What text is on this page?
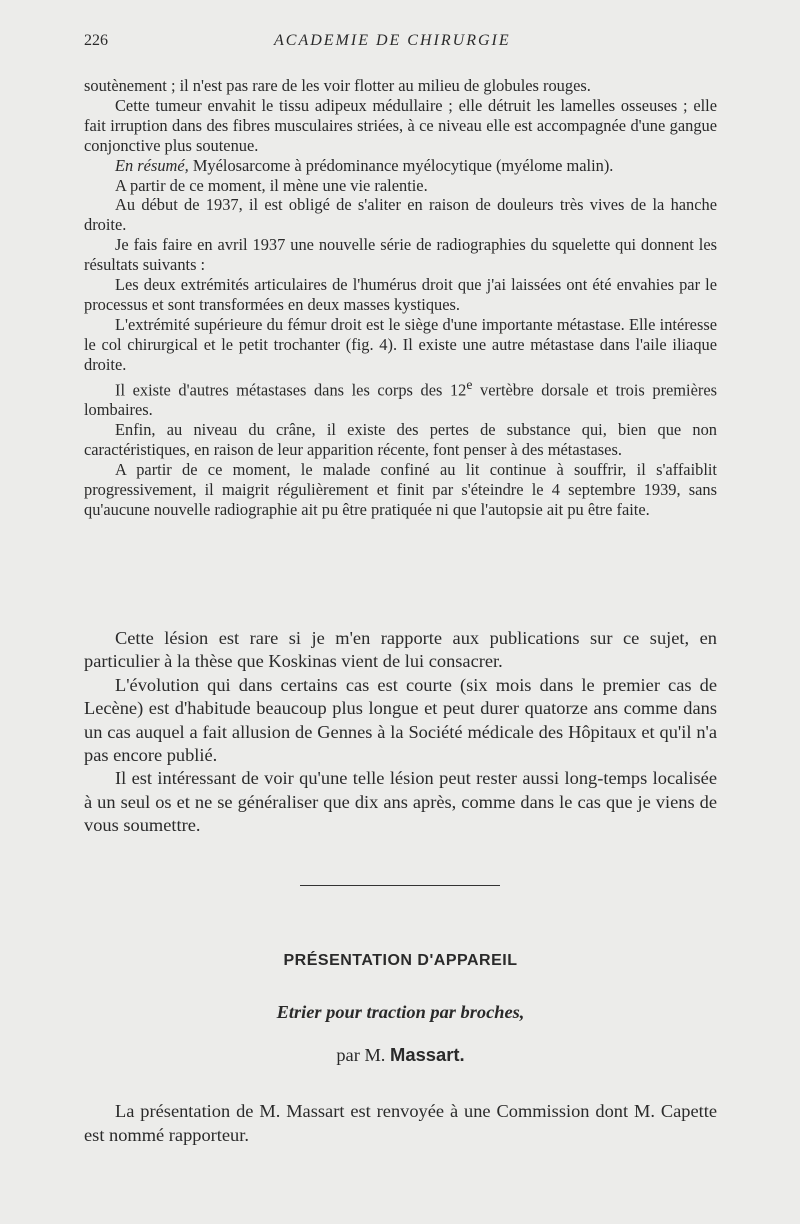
226	ACADEMIE DE CHIRURGIE

soutènement ; il n'est pas rare de les voir flotter au milieu de globules rouges.

Cette tumeur envahit le tissu adipeux médullaire ; elle détruit les lamelles osseuses ; elle fait irruption dans des fibres musculaires striées, à ce niveau elle est accompagnée d'une gangue conjonctive plus soutenue.

En résumé, Myélosarcome à prédominance myélocytique (myélome malin).

A partir de ce moment, il mène une vie ralentie.

Au début de 1937, il est obligé de s'aliter en raison de douleurs très vives de la hanche droite.

Je fais faire en avril 1937 une nouvelle série de radiographies du squelette qui donnent les résultats suivants :

Les deux extrémités articulaires de l'humérus droit que j'ai laissées ont été envahies par le processus et sont transformées en deux masses kystiques.

L'extrémité supérieure du fémur droit est le siège d'une importante métastase. Elle intéresse le col chirurgical et le petit trochanter (fig. 4). Il existe une autre métastase dans l'aile iliaque droite.

Il existe d'autres métastases dans les corps des 12e vertèbre dorsale et trois premières lombaires.

Enfin, au niveau du crâne, il existe des pertes de substance qui, bien que non caractéristiques, en raison de leur apparition récente, font penser à des métastases.

A partir de ce moment, le malade confiné au lit continue à souffrir, il s'affaiblit progressivement, il maigrit régulièrement et finit par s'éteindre le 4 septembre 1939, sans qu'aucune nouvelle radiographie ait pu être pratiquée ni que l'autopsie ait pu être faite.

Cette lésion est rare si je m'en rapporte aux publications sur ce sujet, en particulier à la thèse que Koskinas vient de lui consacrer.

L'évolution qui dans certains cas est courte (six mois dans le premier cas de Lecène) est d'habitude beaucoup plus longue et peut durer quatorze ans comme dans un cas auquel a fait allusion de Gennes à la Société médicale des Hôpitaux et qu'il n'a pas encore publié.

Il est intéressant de voir qu'une telle lésion peut rester aussi long-temps localisée à un seul os et ne se généraliser que dix ans après, comme dans le cas que je viens de vous soumettre.

PRÉSENTATION D'APPAREIL
Etrier pour traction par broches,
par M. Massart.

La présentation de M. Massart est renvoyée à une Commission dont M. Capette est nommé rapporteur.
